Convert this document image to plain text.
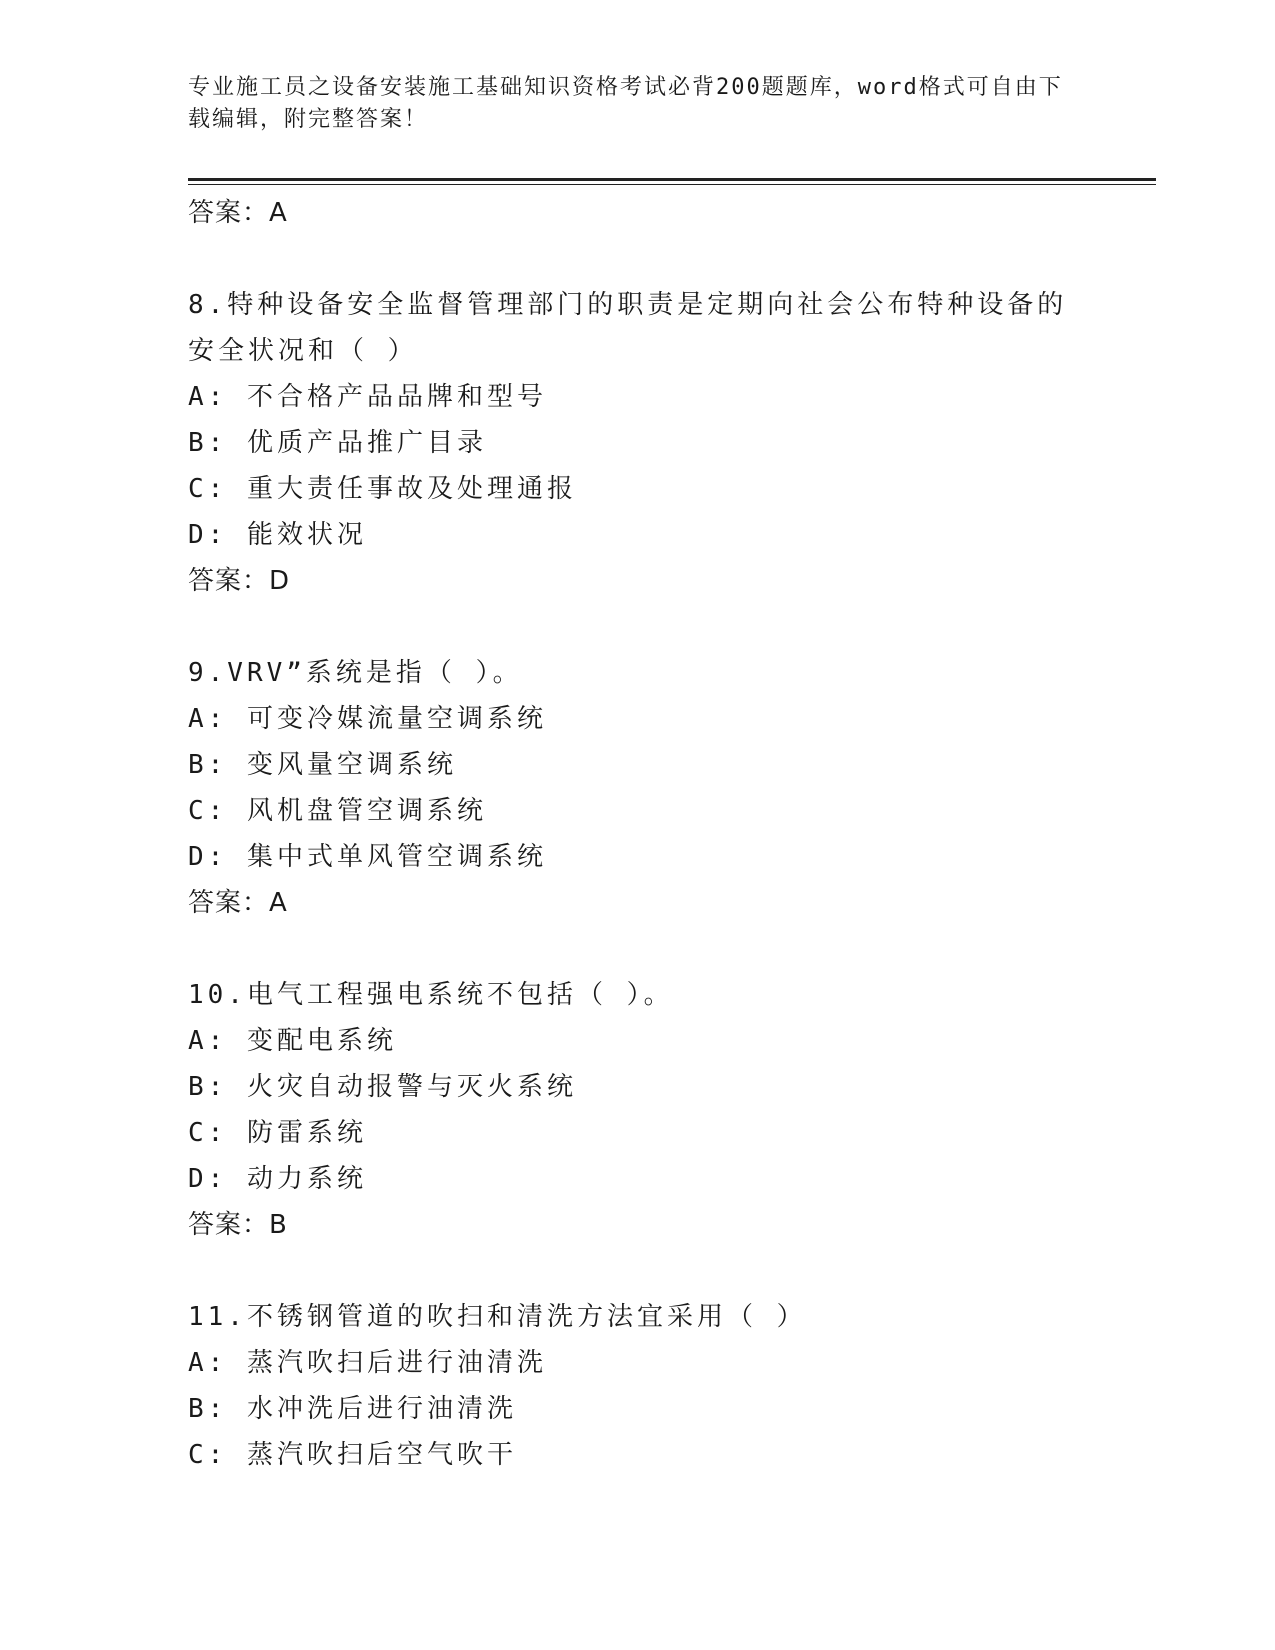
专业施工员之设备安装施工基础知识资格考试必背200题题库，word格式可自由下载编辑，附完整答案！
答案：A
8.特种设备安全监督管理部门的职责是定期向社会公布特种设备的安全状况和（ ）
A: 不合格产品品牌和型号
B: 优质产品推广目录
C: 重大责任事故及处理通报
D: 能效状况
答案：D
9.VRV”系统是指（ ）。
A: 可变冷媒流量空调系统
B: 变风量空调系统
C: 风机盘管空调系统
D: 集中式单风管空调系统
答案：A
10.电气工程强电系统不包括（ ）。
A: 变配电系统
B: 火灾自动报警与灭火系统
C: 防雷系统
D: 动力系统
答案：B
11.不锈钢管道的吹扫和清洗方法宜采用（ ）
A: 蒸汽吹扫后进行油清洗
B: 水冲洗后进行油清洗
C: 蒸汽吹扫后空气吹干
